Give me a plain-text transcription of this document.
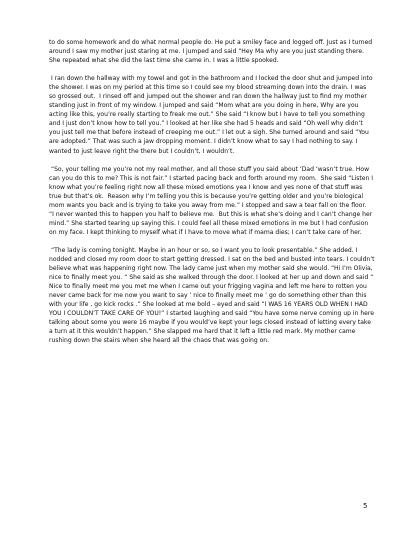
to do some homework and do what normal people do. He put a smiley face and logged off. Just as I turned around I saw my mother just staring at me. I jumped and said “Hey Ma why are you just standing there.  She repeated what she did the last time she came in. I was a little spooked.

I ran down the hallway with my towel and got in the bathroom and I locked the door shut and jumped into the shower. I was on my period at this time so I could see my blood streaming down into the drain. I was so grossed out.  I rinsed off and jumped out the shower and ran down the hallway just to find my mother standing just in front of my window. I jumped and said “Mom what are you doing in here, Why are you acting like this, you’re really starting to freak me out.” She said “I know but I have to tell you something and I just don’t know how to tell you.” I looked at her like she had 5 heads and said “Oh well why didn’t you just tell me that before instead of creeping me out.” I let out a sigh. She turned around and said “You are adopted.” That was such a jaw dropping moment. I didn’t know what to say I had nothing to say. I wanted to just leave right the there but I couldn’t, I wouldn’t.

“So, your telling me you’re not my real mother, and all those stuff you said about ‘Dad ‘wasn’t true. How can you do this to me? This is not fair.” I started pacing back and forth around my room.  She said “Listen I know what you’re feeling right now all these mixed emotions yea I know and yes none of that stuff was true but that’s ok.  Reason why I’m telling you this is because you’re getting older and you’re biological mom wants you back and is trying to take you away from me.” I stopped and saw a tear fall on the floor.  “I never wanted this to happen you half to believe me.  But this is what she’s doing and I can’t change her mind.” She started tearing up saying this. I could feel all these mixed emotions in me but I had confusion on my face. I kept thinking to myself what if I have to move what if mama dies; I can’t take care of her.

“The lady is coming tonight. Maybe in an hour or so, so I want you to look presentable.” She added. I nodded and closed my room door to start getting dressed. I sat on the bed and busted into tears. I couldn’t believe what was happening right now. The lady came just when my mother said she would. “Hi I’m Olivia, nice to finally meet you. “ She said as she walked through the door. I looked at her up and down and said “ Nice to finally meet me you met me when I came out your frigging vagina and left me here to rotten you never came back for me now you want to say ‘ nice to finally meet me ’ go do something other than this with your life , go kick rocks .” She looked at me bold – eyed and said “I WAS 16 YEARS OLD WHEN I HAD YOU I COULDN’T TAKE CARE OF YOU!” I started laughing and said “You have some nerve coming up in here talking about some you were 16 maybe if you would’ve kept your legs closed instead of letting every take a turn at it this wouldn’t happen.” She slapped me hard that it left a little red mark. My mother came rushing down the stairs when she heard all the chaos that was going on.

5
